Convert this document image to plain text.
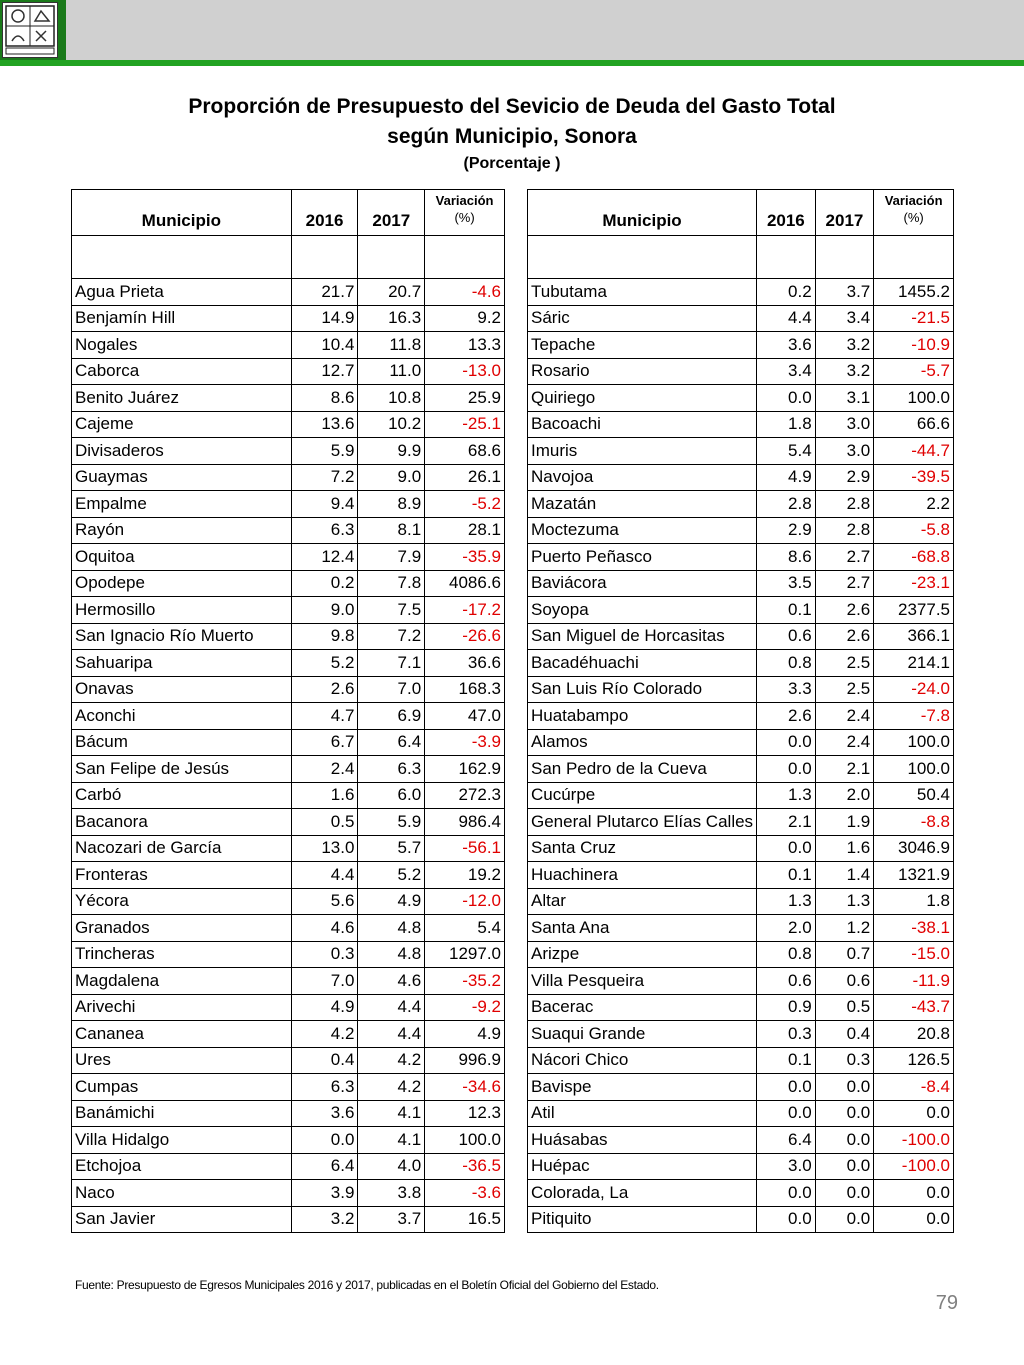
Proporción de Presupuesto del Sevicio de Deuda del Gasto Total
según Municipio, Sonora
(Porcentaje )
Municipio	2016	2017	Variación
(%)

Agua Prieta	21.7	20.7	-4.6
Benjamín Hill	14.9	16.3	9.2
Nogales	10.4	11.8	13.3
Caborca	12.7	11.0	-13.0
Benito Juárez	8.6	10.8	25.9
Cajeme	13.6	10.2	-25.1
Divisaderos	5.9	9.9	68.6
Guaymas	7.2	9.0	26.1
Empalme	9.4	8.9	-5.2
Rayón	6.3	8.1	28.1
Oquitoa	12.4	7.9	-35.9
Opodepe	0.2	7.8	4086.6
Hermosillo	9.0	7.5	-17.2
San Ignacio Río Muerto	9.8	7.2	-26.6
Sahuaripa	5.2	7.1	36.6
Onavas	2.6	7.0	168.3
Aconchi	4.7	6.9	47.0
Bácum	6.7	6.4	-3.9
San Felipe de Jesús	2.4	6.3	162.9
Carbó	1.6	6.0	272.3
Bacanora	0.5	5.9	986.4
Nacozari de García	13.0	5.7	-56.1
Fronteras	4.4	5.2	19.2
Yécora	5.6	4.9	-12.0
Granados	4.6	4.8	5.4
Trincheras	0.3	4.8	1297.0
Magdalena	7.0	4.6	-35.2
Arivechi	4.9	4.4	-9.2
Cananea	4.2	4.4	4.9
Ures	0.4	4.2	996.9
Cumpas	6.3	4.2	-34.6
Banámichi	3.6	4.1	12.3
Villa Hidalgo	0.0	4.1	100.0
Etchojoa	6.4	4.0	-36.5
Naco	3.9	3.8	-3.6
San Javier	3.2	3.7	16.5
Municipio	2016	2017	Variación
(%)

Tubutama	0.2	3.7	1455.2
Sáric	4.4	3.4	-21.5
Tepache	3.6	3.2	-10.9
Rosario	3.4	3.2	-5.7
Quiriego	0.0	3.1	100.0
Bacoachi	1.8	3.0	66.6
Imuris	5.4	3.0	-44.7
Navojoa	4.9	2.9	-39.5
Mazatán	2.8	2.8	2.2
Moctezuma	2.9	2.8	-5.8
Puerto Peñasco	8.6	2.7	-68.8
Baviácora	3.5	2.7	-23.1
Soyopa	0.1	2.6	2377.5
San Miguel de Horcasitas	0.6	2.6	366.1
Bacadéhuachi	0.8	2.5	214.1
San Luis Río Colorado	3.3	2.5	-24.0
Huatabampo	2.6	2.4	-7.8
Alamos	0.0	2.4	100.0
San Pedro de la Cueva	0.0	2.1	100.0
Cucúrpe	1.3	2.0	50.4
General Plutarco Elías Calles	2.1	1.9	-8.8
Santa Cruz	0.0	1.6	3046.9
Huachinera	0.1	1.4	1321.9
Altar	1.3	1.3	1.8
Santa Ana	2.0	1.2	-38.1
Arizpe	0.8	0.7	-15.0
Villa Pesqueira	0.6	0.6	-11.9
Bacerac	0.9	0.5	-43.7
Suaqui Grande	0.3	0.4	20.8
Nácori Chico	0.1	0.3	126.5
Bavispe	0.0	0.0	-8.4
Atil	0.0	0.0	0.0
Huásabas	6.4	0.0	-100.0
Huépac	3.0	0.0	-100.0
Colorada, La	0.0	0.0	0.0
Pitiquito	0.0	0.0	0.0
Fuente: Presupuesto de Egresos Municipales 2016 y 2017, publicadas en el Boletín Oficial del Gobierno del Estado.
79
